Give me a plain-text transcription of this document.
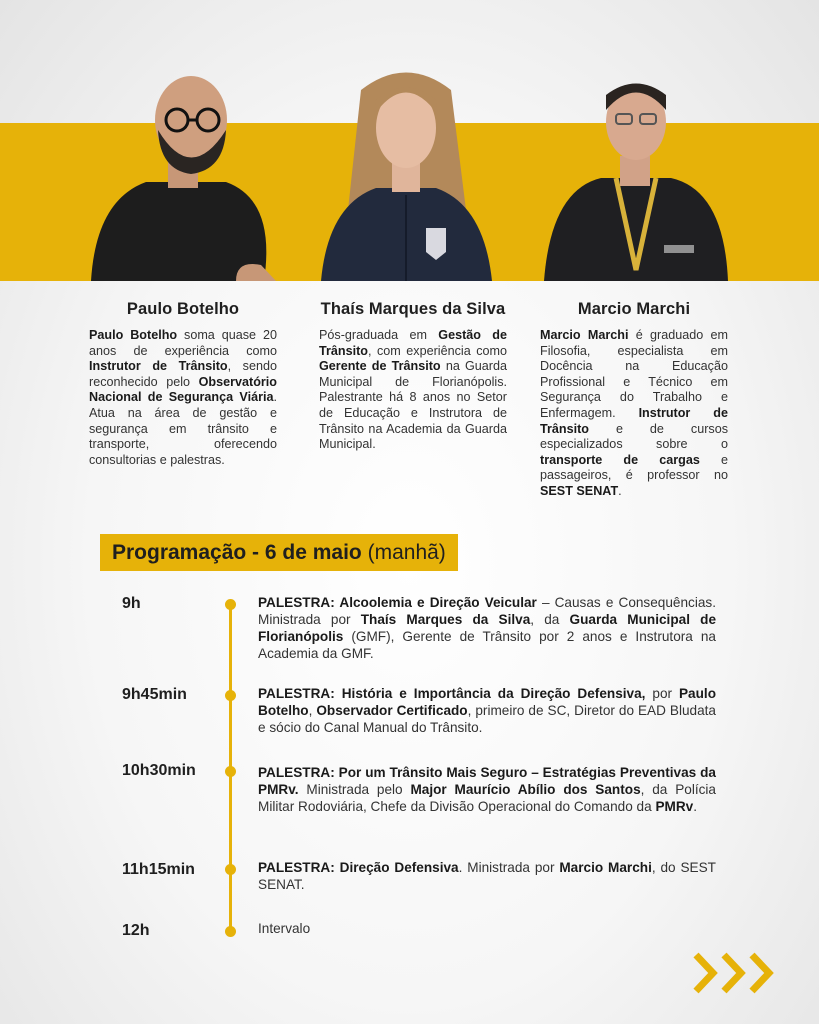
Paulo Botelho
Paulo Botelho soma quase 20 anos de experiência como Instrutor de Trânsito, sendo reconhecido pelo Observatório Nacional de Segurança Viária. Atua na área de gestão e segurança em trânsito e transporte, oferecendo consultorias e palestras.
Thaís Marques da Silva
Pós-graduada em Gestão de Trânsito, com experiência como Gerente de Trânsito na Guarda Municipal de Florianópolis. Palestrante há 8 anos no Setor de Educação e Instrutora de Trânsito na Academia da Guarda Municipal.
Marcio Marchi
Marcio Marchi é graduado em Filosofia, especialista em Docência na Educação Profissional e Técnico em Segurança do Trabalho e Enfermagem. Instrutor de Trânsito e de cursos especializados sobre o transporte de cargas e passageiros, é professor no SEST SENAT.
Programação - 6 de maio (manhã)
9h	PALESTRA: Alcoolemia e Direção Veicular – Causas e Consequências. Ministrada por Thaís Marques da Silva, da Guarda Municipal de Florianópolis (GMF), Gerente de Trânsito por 2 anos e Instrutora na Academia da GMF.
9h45min	PALESTRA: História e Importância da Direção Defensiva, por Paulo Botelho, Observador Certificado, primeiro de SC, Diretor do EAD Bludata e sócio do Canal Manual do Trânsito.
10h30min	PALESTRA: Por um Trânsito Mais Seguro – Estratégias Preventivas da PMRv. Ministrada pelo Major Maurício Abílio dos Santos, da Polícia Militar Rodoviária, Chefe da Divisão Operacional do Comando da PMRv.
11h15min	PALESTRA: Direção Defensiva. Ministrada por Marcio Marchi, do SEST SENAT.
12h	Intervalo
